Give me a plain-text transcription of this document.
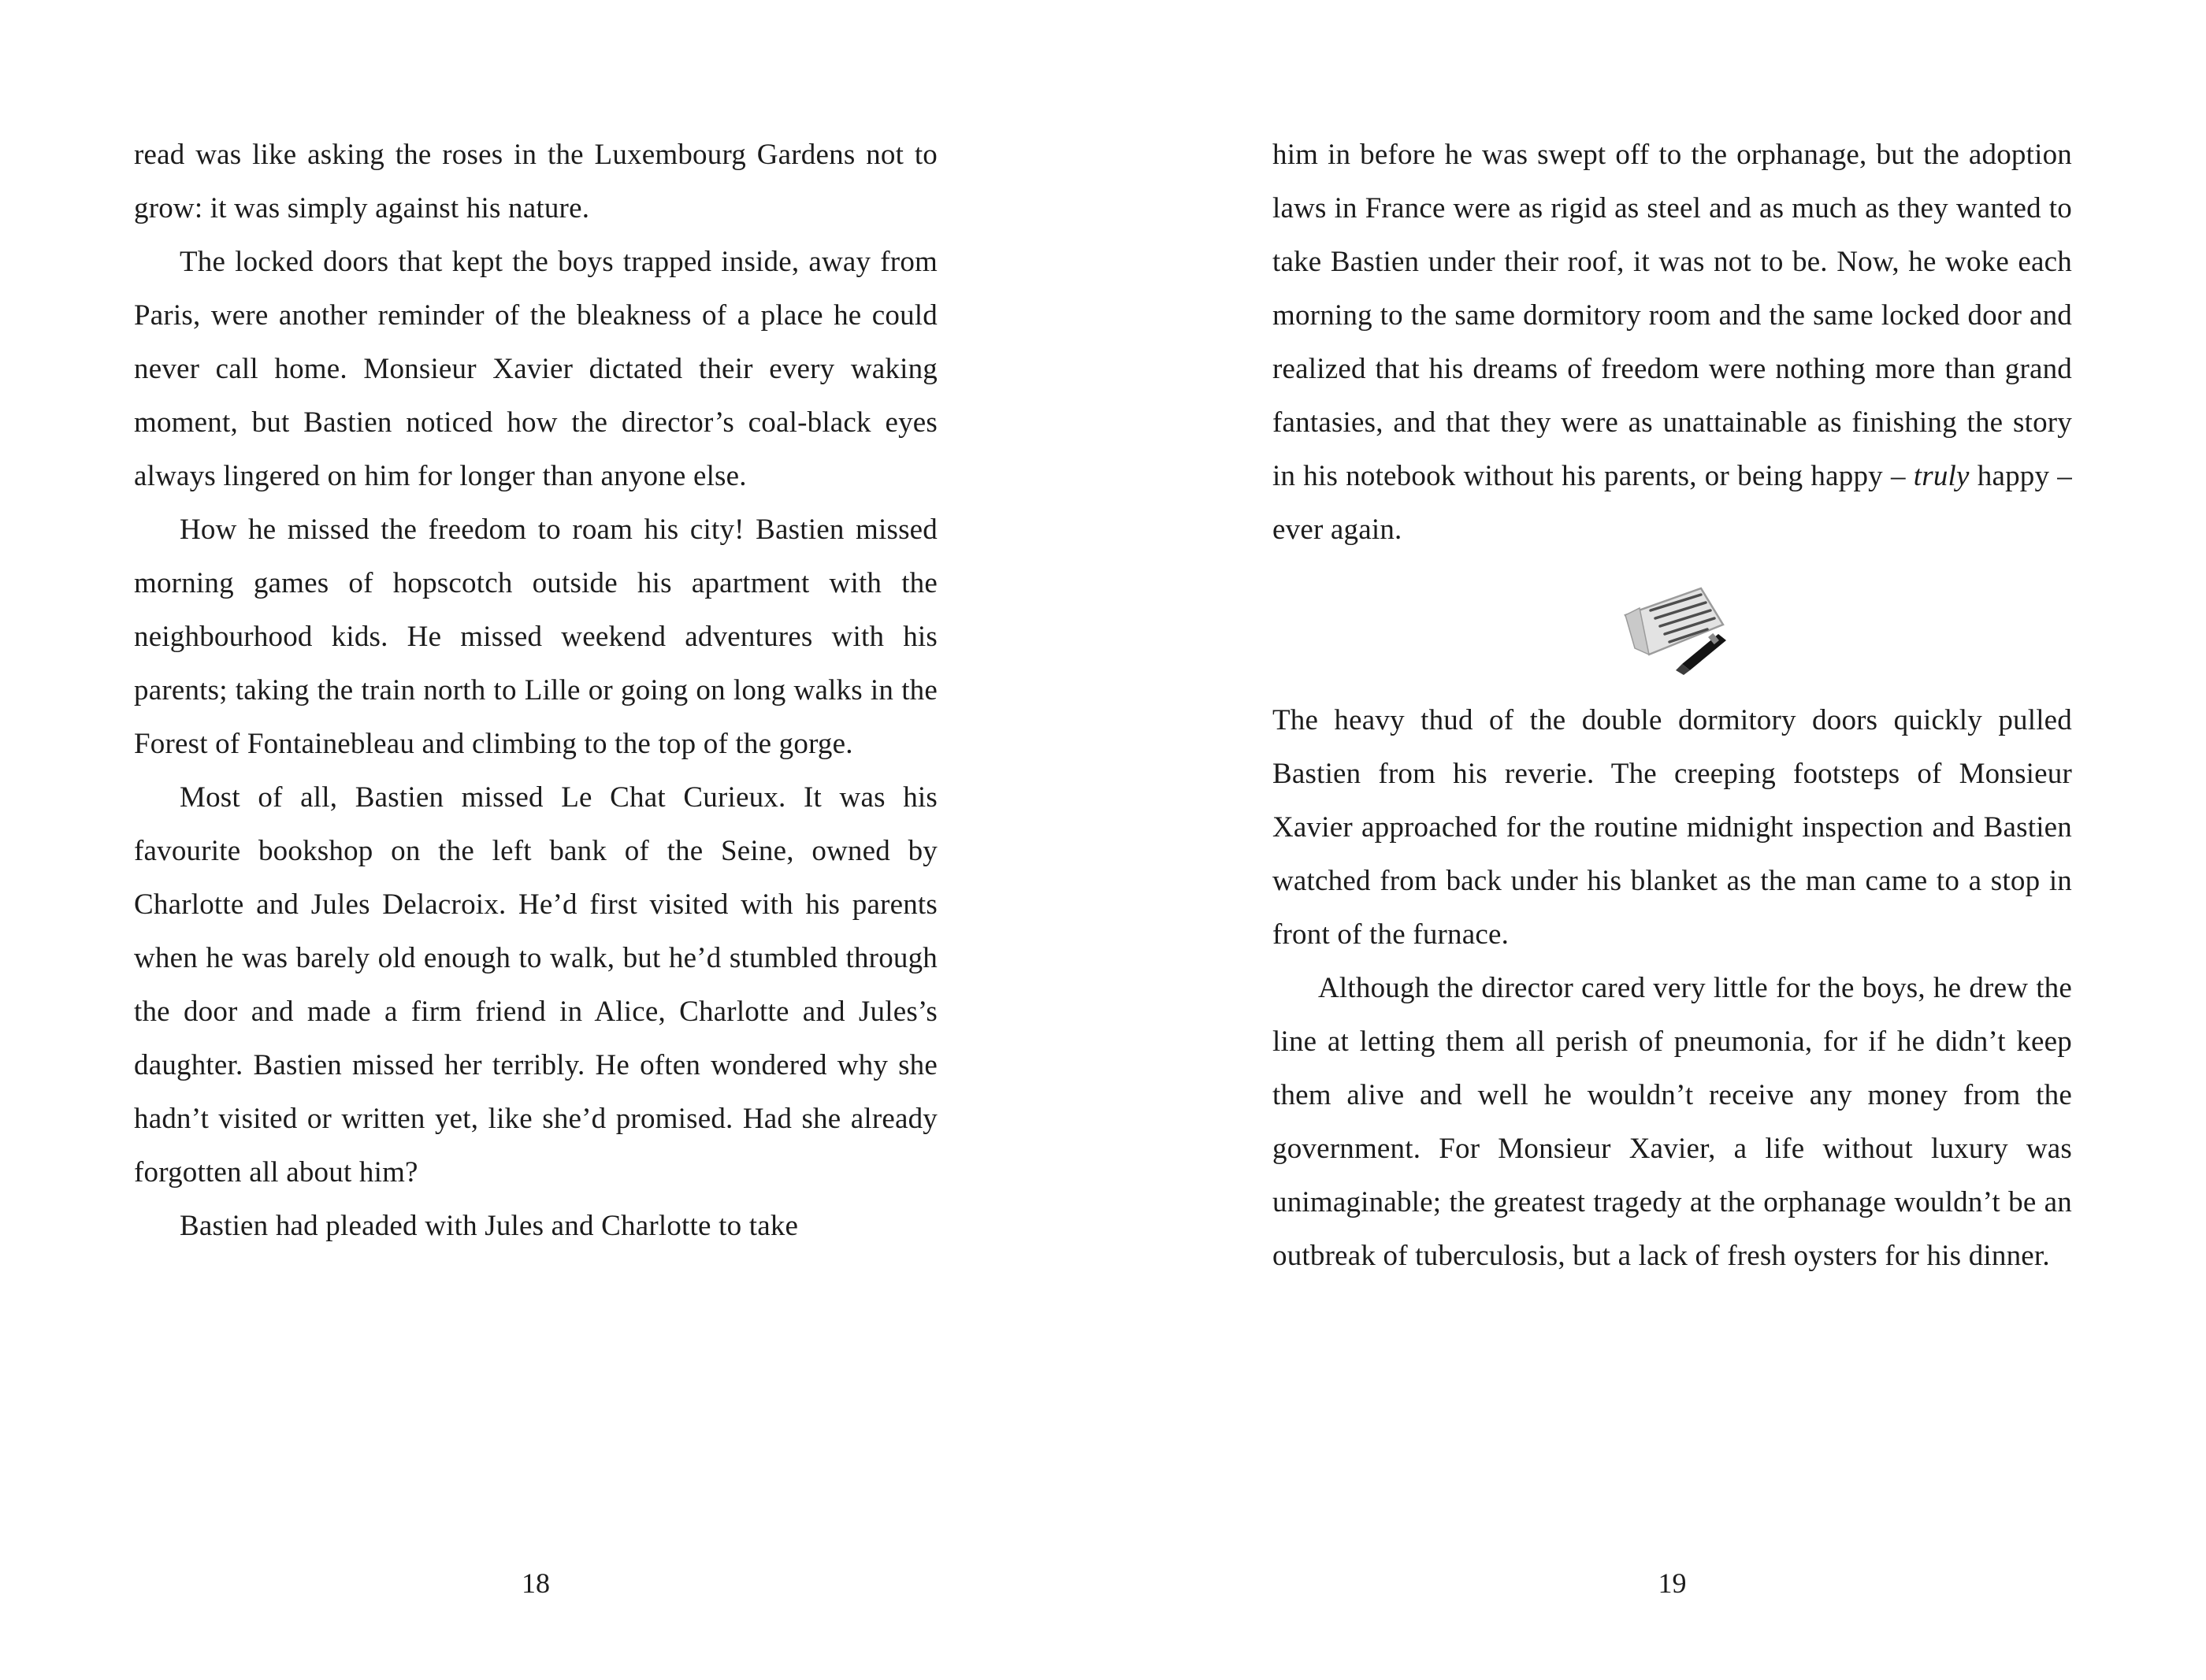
read was like asking the roses in the Luxembourg Gardens not to grow: it was simply against his nature.

The locked doors that kept the boys trapped inside, away from Paris, were another reminder of the bleakness of a place he could never call home. Monsieur Xavier dictated their every waking moment, but Bastien noticed how the director’s coal-black eyes always lingered on him for longer than anyone else.

How he missed the freedom to roam his city! Bastien missed morning games of hopscotch outside his apartment with the neighbourhood kids. He missed weekend adventures with his parents; taking the train north to Lille or going on long walks in the Forest of Fontainebleau and climbing to the top of the gorge.

Most of all, Bastien missed Le Chat Curieux. It was his favourite bookshop on the left bank of the Seine, owned by Charlotte and Jules Delacroix. He’d first visited with his parents when he was barely old enough to walk, but he’d stumbled through the door and made a firm friend in Alice, Charlotte and Jules’s daughter. Bastien missed her terribly. He often wondered why she hadn’t visited or written yet, like she’d promised. Had she already forgotten all about him?

Bastien had pleaded with Jules and Charlotte to take

18

him in before he was swept off to the orphanage, but the adoption laws in France were as rigid as steel and as much as they wanted to take Bastien under their roof, it was not to be. Now, he woke each morning to the same dormitory room and the same locked door and realized that his dreams of freedom were nothing more than grand fantasies, and that they were as unattainable as finishing the story in his notebook without his parents, or being happy – truly happy – ever again.

The heavy thud of the double dormitory doors quickly pulled Bastien from his reverie. The creeping footsteps of Monsieur Xavier approached for the routine midnight inspection and Bastien watched from back under his blanket as the man came to a stop in front of the furnace.

Although the director cared very little for the boys, he drew the line at letting them all perish of pneumonia, for if he didn’t keep them alive and well he wouldn’t receive any money from the government. For Monsieur Xavier, a life without luxury was unimaginable; the greatest tragedy at the orphanage wouldn’t be an outbreak of tuberculosis, but a lack of fresh oysters for his dinner.

19
